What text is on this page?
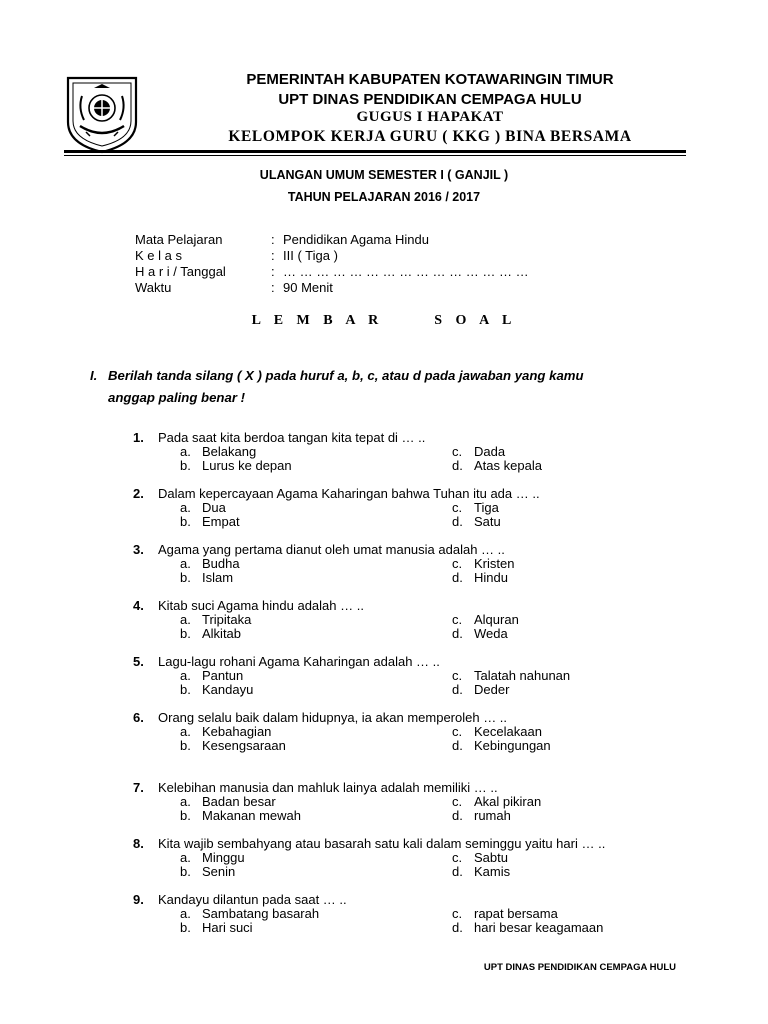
PEMERINTAH KABUPATEN KOTAWARINGIN TIMUR
UPT DINAS PENDIDIKAN CEMPAGA HULU
GUGUS I HAPAKAT
KELOMPOK KERJA GURU ( KKG ) BINA BERSAMA
ULANGAN UMUM SEMESTER I ( GANJIL )
TAHUN PELAJARAN 2016 / 2017
Mata Pelajaran	: Pendidikan Agama Hindu
K e l a s	: III ( Tiga )
H a r i / Tanggal	: … … … … … … … … … … … … … … …
Waktu	: 90 Menit
L E M B A R      S O A L
I. Berilah tanda silang ( X ) pada huruf a, b, c, atau d pada jawaban yang kamu
anggap paling benar !
1.	Pada saat kita berdoa tangan kita tepat di … ..
a. Belakang	c. Dada
b. Lurus ke depan	d. Atas kepala
2.	Dalam kepercayaan Agama Kaharingan bahwa Tuhan itu ada … ..
a. Dua	c. Tiga
b. Empat	d. Satu
3.	Agama yang pertama dianut oleh umat manusia adalah … ..
a. Budha	c. Kristen
b. Islam	d. Hindu
4.	Kitab suci Agama hindu adalah … ..
a. Tripitaka	c. Alquran
b. Alkitab	d. Weda
5.	Lagu-lagu rohani Agama Kaharingan adalah … ..
a. Pantun	c. Talatah nahunan
b. Kandayu	d. Deder
6.	Orang selalu baik dalam hidupnya, ia akan memperoleh … ..
a. Kebahagian	c. Kecelakaan
b. Kesengsaraan	d. Kebingungan
7.	Kelebihan manusia dan mahluk lainya adalah memiliki … ..
a. Badan besar	c. Akal pikiran
b. Makanan mewah	d. rumah
8.	Kita wajib sembahyang atau basarah satu kali dalam seminggu yaitu hari … ..
a. Minggu	c. Sabtu
b. Senin	d. Kamis
9.	Kandayu dilantun pada saat … ..
a. Sambatang basarah	c. rapat bersama
b. Hari suci	d. hari besar keagamaan
UPT DINAS PENDIDIKAN CEMPAGA HULU
